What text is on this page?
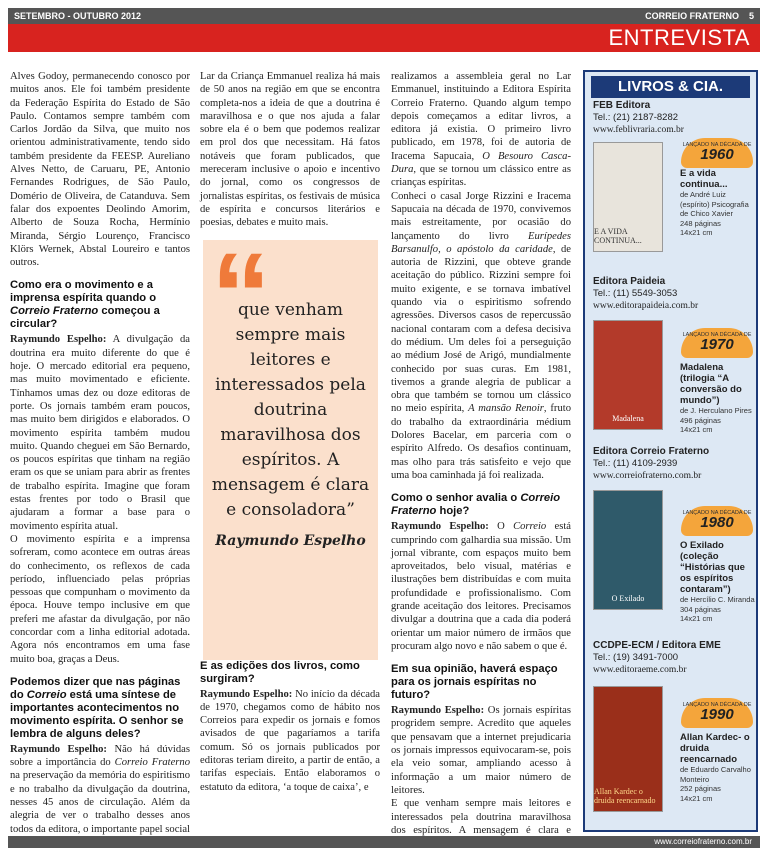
SETEMBRO - OUTUBRO 2012	CORREIO FRATERNO 5
ENTREVISTA

Alves Godoy, permanecendo conosco por muitos anos. Ele foi também presidente da Federação Espírita do Estado de São Paulo. Contamos sempre também com Carlos Jordão da Silva, que muito nos orientou administrativamente, tendo sido também presidente da FEESP. Aureliano Alves Netto, de Caruaru, PE, Antonio Fernandes Rodrigues, de São Paulo, Domério de Oliveira, de Catanduva. Sem falar dos expoentes Deolindo Amorim, Alberto de Souza Rocha, Hermínio Miranda, Sérgio Lourenço, Francisco Klörs Wernek, Abstal Loureiro e tantos outros.

Como era o movimento e a imprensa espírita quando o Correio Fraterno começou a circular?

Raymundo Espelho: A divulgação da doutrina era muito diferente do que é hoje. O mercado editorial era pequeno, mas muito movimentado e eficiente. Tínhamos umas dez ou doze editoras de porte. Os jornais também eram poucos, mas muito bem dirigidos e elaborados. O movimento espírita também mudou muito. Quando cheguei em São Bernardo, os poucos espíritas que tinham na região eram os que se uniam para abrir as frentes de trabalho espírita. Imagine que foram estas frentes por todo o Brasil que ajudaram a formar a base para o movimento espírita atual.

O movimento espírita e a imprensa sofreram, como acontece em outras áreas do conhecimento, os reflexos de cada período, influenciado pelas próprias pessoas que compunham o movimento da época. Houve tempo inclusive em que preferi me afastar da divulgação, por não concordar com a linha editorial adotada. Agora nós encontramos em uma fase muito boa, graças a Deus.

Podemos dizer que nas páginas do Correio está uma síntese de importantes acontecimentos no movimento espírita. O senhor se lembra de alguns deles?

Raymundo Espelho: Não há dúvidas sobre a importância do Correio Fraterno na preservação da memória do espiritismo e no trabalho da divulgação da doutrina, nesses 45 anos de circulação. Além da alegria de ver o trabalho desses anos todos da editora, o importante papel social

Lar da Criança Emmanuel realiza há mais de 50 anos na região em que se encontra completa-nos a ideia de que a doutrina é maravilhosa e o que nos ajuda a falar sobre ela é o bem que podemos realizar em prol dos que necessitam. Há fatos notáveis que foram publicados, que mereceram inclusive o apoio e incentivo do jornal, como os congressos de jornalistas espíritas, os festivais de música de espírita e concursos literários e poesias, debates e muito mais.

E as edições dos livros, como surgiram?

Raymundo Espelho: No início da década de 1970, chegamos como de hábito nos Correios para expedir os jornais e fomos avisados de que pagaríamos a tarifa comum. Só os jornais publicados por editoras teriam direito, a partir de então, a tarifas especiais. Então elaboramos o estatuto da editora, ‘a toque de caixa’, e

“
que venham sempre mais leitores e interessados pela doutrina maravilhosa dos espíritos. A mensagem é clara e consoladora”
Raymundo Espelho

realizamos a assembleia geral no Lar Emmanuel, instituindo a Editora Espírita Correio Fraterno. Quando algum tempo depois começamos a editar livros, a editora já existia. O primeiro livro publicado, em 1978, foi de autoria de Iracema Sapucaia, O Besouro Casca-Dura, que se tornou um clássico entre as crianças espíritas.

Conheci o casal Jorge Rizzini e Iracema Sapucaia na década de 1970, convivemos mais estreitamente, por ocasião do lançamento do livro Eurípedes Barsanulfo, o apóstolo da caridade, de autoria de Rizzini, que obteve grande aceitação do público. Rizzini sempre foi muito exigente, e se tornava imbatível quando via o espiritismo sofrendo agressões. Diversos casos de repercussão nacional contaram com a defesa decisiva do médium. Um deles foi a perseguição ao médium José de Arigó, mundialmente conhecido por suas curas. Em 1981, tivemos a grande alegria de publicar a obra que também se tornou um clássico no meio espírita, A mansão Renoir, fruto do trabalho da extraordinária médium Dolores Bacelar, em parceria com o espírito Alfredo. Os desafios continuam, mas olho para trás satisfeito e vejo que uma boa caminhada já foi realizada.

Como o senhor avalia o Correio Fraterno hoje?

Raymundo Espelho: O Correio está cumprindo com galhardia sua missão. Um jornal vibrante, com espaços muito bem aproveitados, belo visual, matérias e ilustrações bem distribuídas e com muita profundidade e profissionalismo. Com grande aceitação dos leitores. Precisamos divulgar a doutrina que a cada dia poderá orientar um maior número de irmãos que procuram algo novo e não sabem o que é.

Em sua opinião, haverá espaço para os jornais espíritas no futuro?

Raymundo Espelho: Os jornais espíritas progridem sempre. Acredito que aqueles que pensavam que a internet prejudicaria os jornais impressos equivocaram-se, pois ela veio somar, ampliando acesso à informação a um maior número de leitores.

E que venham sempre mais leitores e interessados pela doutrina maravilhosa dos espíritos. A mensagem é clara e

LIVROS & CIA.
FEB Editora
Tel.: (21) 2187-8282
www.feblivraria.com.br
LANÇADO NA DÉCADA DE
1960
E A VIDA CONTINUA...
E a vida continua...
de André Luiz (espírito) Psicografia de Chico Xavier
248 páginas
14x21 cm
Editora Paideia
Tel.: (11) 5549-3053
www.editorapaideia.com.br
LANÇADO NA DÉCADA DE
1970
Madalena
Madalena (trilogia “A conversão do mundo”)
de J. Herculano Pires
496 páginas
14x21 cm
Editora Correio Fraterno
Tel.: (11) 4109-2939
www.correiofraterno.com.br
LANÇADO NA DÉCADA DE
1980
O Exilado
O Exilado (coleção “Histórias que os espíritos contaram”)
de Hercílio C. Miranda
304 páginas
14x21 cm
CCDPE-ECM / Editora EME
Tel.: (19) 3491-7000
www.editoraeme.com.br
LANÇADO NA DÉCADA DE
1990
Allan Kardec o druida reencarnado
Allan Kardec- o druida reencarnado
de Eduardo Carvalho Monteiro
252 páginas
14x21 cm
www.correiofraterno.com.br
